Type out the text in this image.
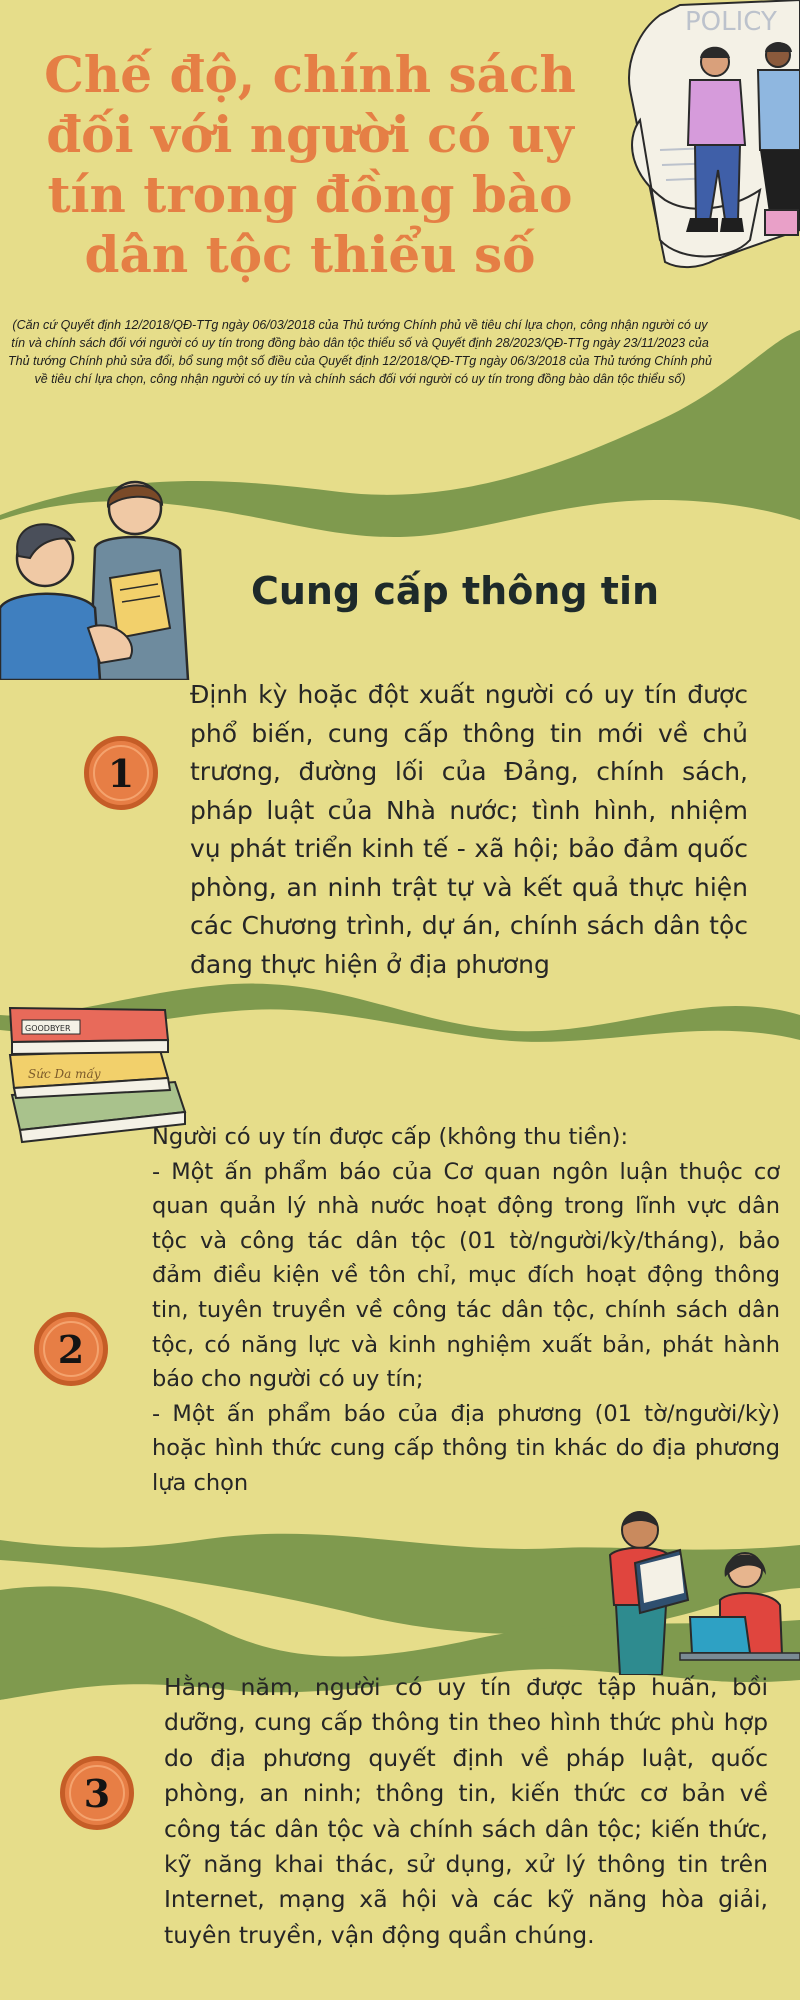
Chế độ, chính sách đối với người có uy tín trong đồng bào dân tộc thiểu số

(Căn cứ Quyết định 12/2018/QĐ-TTg ngày 06/03/2018 của Thủ tướng Chính phủ về tiêu chí lựa chọn, công nhận người có uy tín và chính sách đối với người có uy tín trong đồng bào dân tộc thiểu số và Quyết định 28/2023/QĐ-TTg ngày 23/11/2023 của Thủ tướng Chính phủ sửa đổi, bổ sung một số điều của Quyết định 12/2018/QĐ-TTg ngày 06/3/2018 của Thủ tướng Chính phủ về tiêu chí lựa chọn, công nhận người có uy tín và chính sách đối với người có uy tín trong đồng bào dân tộc thiểu số)

POLICY
Cung cấp thông tin
1

Định kỳ hoặc đột xuất người có uy tín được phổ biến, cung cấp thông tin mới về chủ trương, đường lối của Đảng, chính sách, pháp luật của Nhà nước; tình hình, nhiệm vụ phát triển kinh tế - xã hội; bảo đảm quốc phòng, an ninh trật tự và kết quả thực hiện các Chương trình, dự án, chính sách dân tộc đang thực hiện ở địa phương

Sức Da mấy
GOODBYER
2
Người có uy tín được cấp (không thu tiền):
- Một ấn phẩm báo của Cơ quan ngôn luận thuộc cơ quan quản lý nhà nước hoạt động trong lĩnh vực dân tộc và công tác dân tộc (01 tờ/người/kỳ/tháng), bảo đảm điều kiện về tôn chỉ, mục đích hoạt động thông tin, tuyên truyền về công tác dân tộc, chính sách dân tộc, có năng lực và kinh nghiệm xuất bản, phát hành báo cho người có uy tín;
- Một ấn phẩm báo của địa phương (01 tờ/người/kỳ) hoặc hình thức cung cấp thông tin khác do địa phương lựa chọn
3

Hằng năm, người có uy tín được tập huấn, bồi dưỡng, cung cấp thông tin theo hình thức phù hợp do địa phương quyết định về pháp luật, quốc phòng, an ninh; thông tin, kiến thức cơ bản về công tác dân tộc và chính sách dân tộc; kiến thức, kỹ năng khai thác, sử dụng, xử lý thông tin trên Internet, mạng xã hội và các kỹ năng hòa giải, tuyên truyền, vận động quần chúng.
